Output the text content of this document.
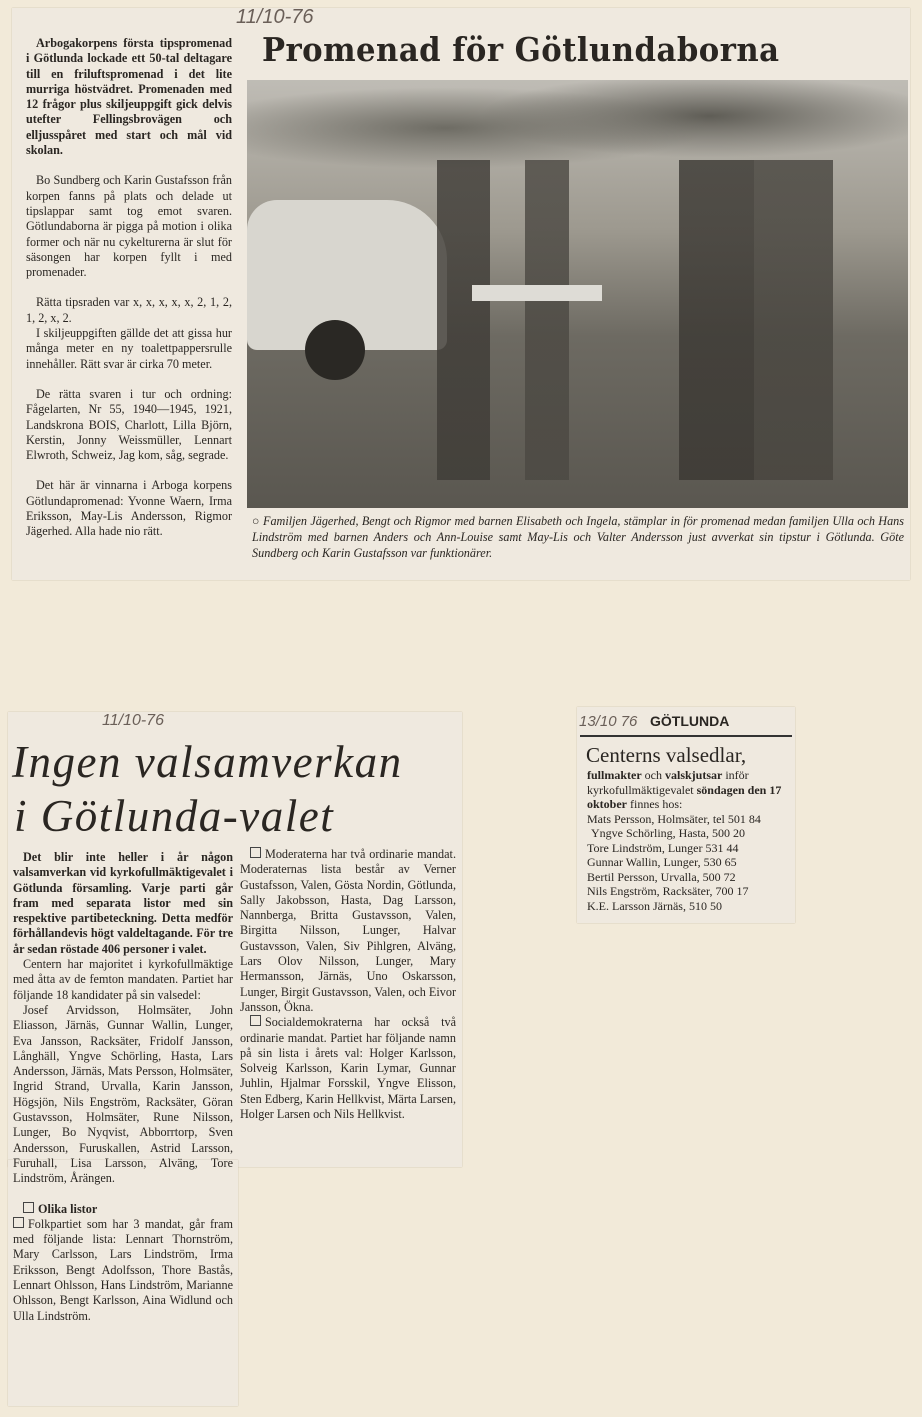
11/10-76
Promenad för Götlundaborna

Arbogakorpens första tipspromenad i Götlunda lockade ett 50-tal deltagare till en friluftspromenad i det lite murriga höstvädret. Promenaden med 12 frågor plus skiljeuppgift gick delvis utefter Fellingsbrovägen och elljusspåret med start och mål vid skolan.

Bo Sundberg och Karin Gustafsson från korpen fanns på plats och delade ut tipslappar samt tog emot svaren. Götlundaborna är pigga på motion i olika former och när nu cykelturerna är slut för säsongen har korpen fyllt i med promenader.

Rätta tipsraden var x, x, x, x, x, 2, 1, 2, 1, 2, x, 2.

I skiljeuppgiften gällde det att gissa hur många meter en ny toalettpappersrulle innehåller. Rätt svar är cirka 70 meter.

De rätta svaren i tur och ordning: Fågelarten, Nr 55, 1940—1945, 1921, Landskrona BOIS, Charlott, Lilla Björn, Kerstin, Jonny Weissmüller, Lennart Elwroth, Schweiz, Jag kom, såg, segrade.

Det här är vinnarna i Arboga korpens Götlundapromenad: Yvonne Waern, Irma Eriksson, May-Lis Andersson, Rigmor Jägerhed. Alla hade nio rätt.

○ Familjen Jägerhed, Bengt och Rigmor med barnen Elisabeth och Ingela, stämplar in för promenad medan familjen Ulla och Hans Lindström med barnen Anders och Ann-Louise samt May-Lis och Valter Andersson just avverkat sin tipstur i Götlunda. Göte Sundberg och Karin Gustafsson var funktionärer.
11/10-76
Ingen valsamverkan
i Götlunda-valet

Det blir inte heller i år någon valsamverkan vid kyrkofullmäktigevalet i Götlunda församling. Varje parti går fram med separata listor med sin respektive partibeteckning. Detta medför förhållandevis högt valdeltagande. För tre år sedan röstade 406 personer i valet.

Centern har majoritet i kyrkofullmäktige med åtta av de femton mandaten. Partiet har följande 18 kandidater på sin valsedel:

Josef Arvidsson, Holmsäter, John Eliasson, Järnäs, Gunnar Wallin, Lunger, Eva Jansson, Racksäter, Fridolf Jansson, Långhäll, Yngve Schörling, Hasta, Lars Andersson, Järnäs, Mats Persson, Holmsäter, Ingrid Strand, Urvalla, Karin Jansson, Högsjön, Nils Engström, Racksäter, Göran Gustavsson, Holmsäter, Rune Nilsson, Lunger, Bo Nyqvist, Abborrtorp, Sven Andersson, Furuskallen, Astrid Larsson, Furuhall, Lisa Larsson, Alväng, Tore Lindström, Årängen.

Olika listor

Folkpartiet som har 3 mandat, går fram med följande lista: Lennart Thornström, Mary Carlsson, Lars Lindström, Irma Eriksson, Bengt Adolfsson, Thore Bastås, Lennart Ohlsson, Hans Lindström, Marianne Ohlsson, Bengt Karlsson, Aina Widlund och Ulla Lindström.

Moderaterna har två ordinarie mandat. Moderaternas lista består av Verner Gustafsson, Valen, Gösta Nordin, Götlunda, Sally Jakobsson, Hasta, Dag Larsson, Nannberga, Britta Gustavsson, Valen, Birgitta Nilsson, Lunger, Halvar Gustavsson, Valen, Siv Pihlgren, Alväng, Lars Olov Nilsson, Lunger, Mary Hermansson, Järnäs, Uno Oskarsson, Lunger, Birgit Gustavsson, Valen, och Eivor Jansson, Ökna.

Socialdemokraterna har också två ordinarie mandat. Partiet har följande namn på sin lista i årets val: Holger Karlsson, Solveig Karlsson, Karin Lymar, Gunnar Juhlin, Hjalmar Forsskil, Yngve Elisson, Sten Edberg, Karin Hellkvist, Märta Larsen, Holger Larsen och Nils Hellkvist.

13/10 76 GÖTLUNDA
Centerns valsedlar,
fullmakter och valskjutsar inför kyrkofullmäktigevalet söndagen den 17 oktober finnes hos:
Mats Persson, Holmsäter, tel 501 84
Yngve Schörling, Hasta, 500 20
Tore Lindström, Lunger 531 44
Gunnar Wallin, Lunger, 530 65
Bertil Persson, Urvalla, 500 72
Nils Engström, Racksäter, 700 17
K.E. Larsson Järnäs, 510 50
